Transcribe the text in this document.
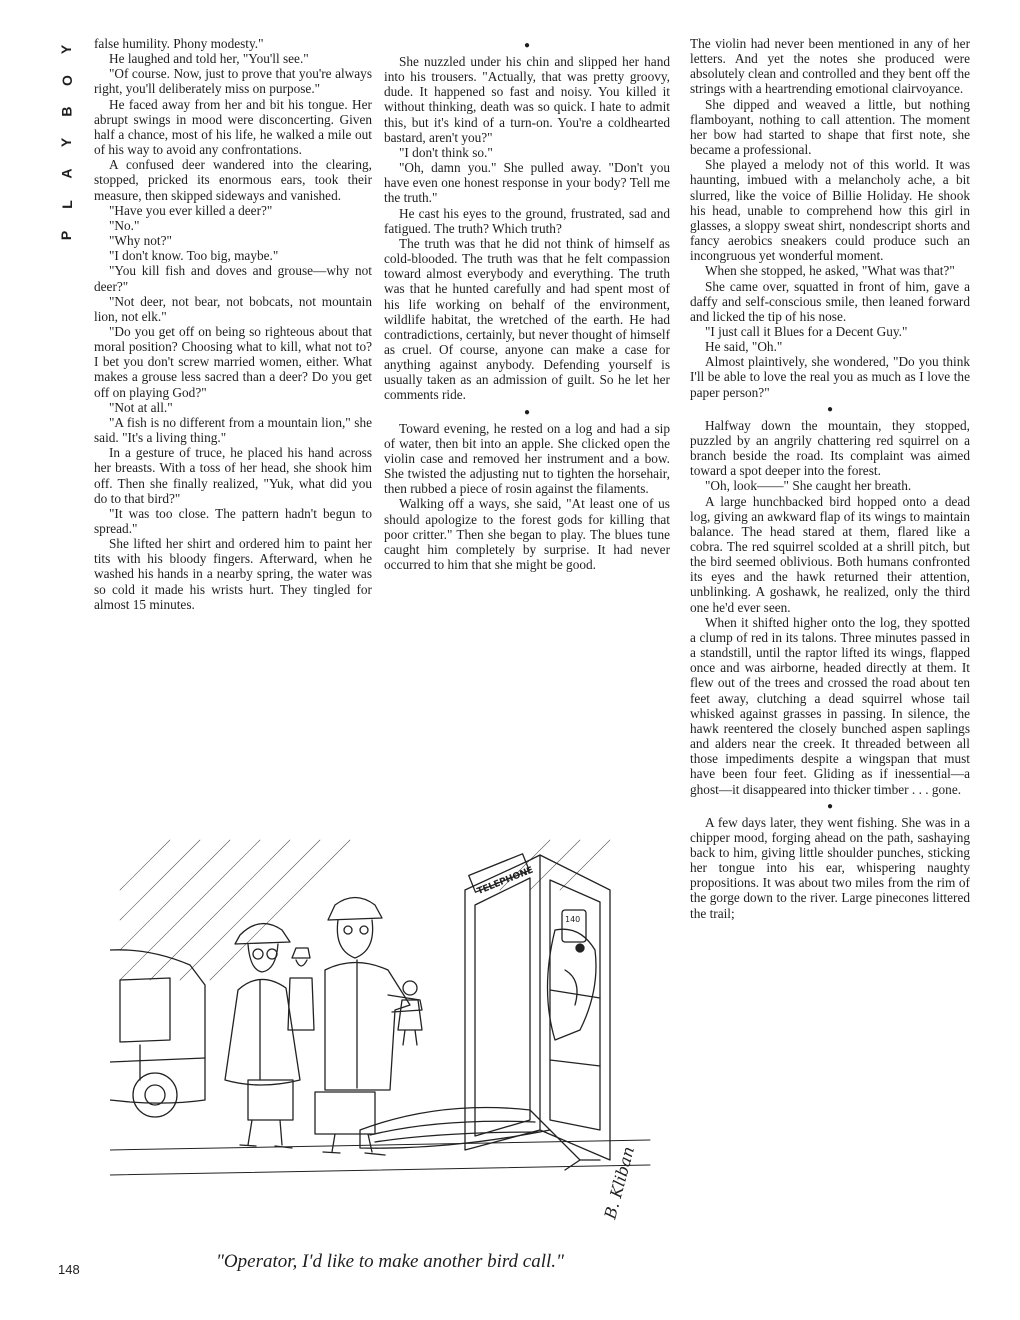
Y
O
B
Y
A
L
P

false humility. Phony modesty."

He laughed and told her, "You'll see."

"Of course. Now, just to prove that you're always right, you'll deliberately miss on purpose."

He faced away from her and bit his tongue. Her abrupt swings in mood were disconcerting. Given half a chance, most of his life, he walked a mile out of his way to avoid any confrontations.

A confused deer wandered into the clearing, stopped, pricked its enormous ears, took their measure, then skipped sideways and vanished.

"Have you ever killed a deer?"

"No."

"Why not?"

"I don't know. Too big, maybe."

"You kill fish and doves and grouse—why not deer?"

"Not deer, not bear, not bobcats, not mountain lion, not elk."

"Do you get off on being so righteous about that moral position? Choosing what to kill, what not to? I bet you don't screw married women, either. What makes a grouse less sacred than a deer? Do you get off on playing God?"

"Not at all."

"A fish is no different from a mountain lion," she said. "It's a living thing."

In a gesture of truce, he placed his hand across her breasts. With a toss of her head, she shook him off. Then she finally realized, "Yuk, what did you do to that bird?"

"It was too close. The pattern hadn't begun to spread."

She lifted her shirt and ordered him to paint her tits with his bloody fingers. Afterward, when he washed his hands in a nearby spring, the water was so cold it made his wrists hurt. They tingled for almost 15 minutes.

●

She nuzzled under his chin and slipped her hand into his trousers. "Actually, that was pretty groovy, dude. It happened so fast and noisy. You killed it without thinking, death was so quick. I hate to admit this, but it's kind of a turn-on. You're a coldhearted bastard, aren't you?"

"I don't think so."

"Oh, damn you." She pulled away. "Don't you have even one honest response in your body? Tell me the truth."

He cast his eyes to the ground, frustrated, sad and fatigued. The truth? Which truth?

The truth was that he did not think of himself as cold-blooded. The truth was that he felt compassion toward almost everybody and everything. The truth was that he hunted carefully and had spent most of his life working on behalf of the environment, wildlife habitat, the wretched of the earth. He had contradictions, certainly, but never thought of himself as cruel. Of course, anyone can make a case for anything against anybody. Defending yourself is usually taken as an admission of guilt. So he let her comments ride.

●

Toward evening, he rested on a log and had a sip of water, then bit into an apple. She clicked open the violin case and removed her instrument and a bow. She twisted the adjusting nut to tighten the horsehair, then rubbed a piece of rosin against the filaments.

Walking off a ways, she said, "At least one of us should apologize to the forest gods for killing that poor critter." Then she began to play. The blues tune caught him completely by surprise. It had never occurred to him that she might be good.

The violin had never been mentioned in any of her letters. And yet the notes she produced were absolutely clean and controlled and they bent off the strings with a heartrending emotional clairvoyance.

She dipped and weaved a little, but nothing flamboyant, nothing to call attention. The moment her bow had started to shape that first note, she became a professional.

She played a melody not of this world. It was haunting, imbued with a melancholy ache, a bit slurred, like the voice of Billie Holiday. He shook his head, unable to comprehend how this girl in glasses, a sloppy sweat shirt, nondescript shorts and fancy aerobics sneakers could produce such an incongruous yet wonderful moment.

When she stopped, he asked, "What was that?"

She came over, squatted in front of him, gave a daffy and self-conscious smile, then leaned forward and licked the tip of his nose.

"I just call it Blues for a Decent Guy."

He said, "Oh."

Almost plaintively, she wondered, "Do you think I'll be able to love the real you as much as I love the paper person?"

●

Halfway down the mountain, they stopped, puzzled by an angrily chattering red squirrel on a branch beside the road. Its complaint was aimed toward a spot deeper into the forest.

"Oh, look——" She caught her breath.

A large hunchbacked bird hopped onto a dead log, giving an awkward flap of its wings to maintain balance. The head stared at them, flared like a cobra. The red squirrel scolded at a shrill pitch, but the bird seemed oblivious. Both humans confronted its eyes and the hawk returned their attention, unblinking. A goshawk, he realized, only the third one he'd ever seen.

When it shifted higher onto the log, they spotted a clump of red in its talons. Three minutes passed in a standstill, until the raptor lifted its wings, flapped once and was airborne, headed directly at them. It flew out of the trees and crossed the road about ten feet away, clutching a dead squirrel whose tail whisked against grasses in passing. In silence, the hawk reentered the closely bunched aspen saplings and alders near the creek. It threaded between all those impediments despite a wingspan that must have been four feet. Gliding as if inessential—a ghost—it disappeared into thicker timber . . . gone.

●

A few days later, they went fishing. She was in a chipper mood, forging ahead on the path, sashaying back to him, giving little shoulder punches, sticking her tongue into his ear, whispering naughty propositions. It was about two miles from the rim of the gorge down to the river. Large pinecones littered the trail;

TELEPHONE
140
B. Kliban
"Operator, I'd like to make another bird call."
148
